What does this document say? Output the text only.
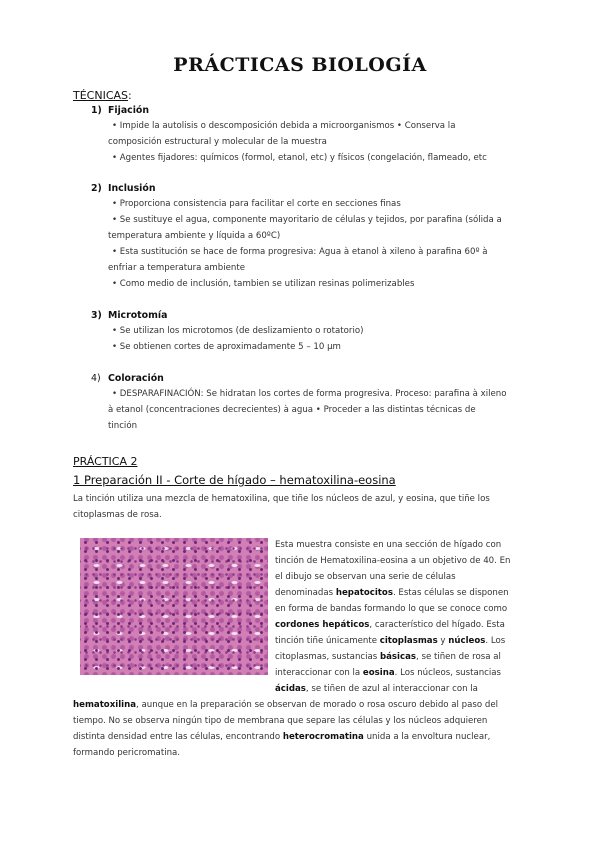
PRÁCTICAS BIOLOGÍA
TÉCNICAS:
1) Fijación
• Impide la autolisis o descomposición debida a microorganismos • Conserva la
composición estructural y molecular de la muestra
• Agentes fijadores: químicos (formol, etanol, etc) y físicos (congelación, flameado, etc
2) Inclusión
• Proporciona consistencia para facilitar el corte en secciones finas
• Se sustituye el agua, componente mayoritario de células y tejidos, por parafina (sólida a
temperatura ambiente y líquida a 60ºC)
• Esta sustitución se hace de forma progresiva: Agua à etanol à xileno à parafina 60º à
enfriar a temperatura ambiente
• Como medio de inclusión, tambien se utilizan resinas polimerizables
3) Microtomía
• Se utilizan los microtomos (de deslizamiento o rotatorio)
• Se obtienen cortes de aproximadamente 5 – 10 μm
4) Coloración
• DESPARAFINACIÓN: Se hidratan los cortes de forma progresiva. Proceso: parafina à xileno
à etanol (concentraciones decrecientes) à agua • Proceder a las distintas técnicas de
tinción
PRÁCTICA 2
1 Preparación II - Corte de hígado – hematoxilina-eosina
La tinción utiliza una mezcla de hematoxilina, que tiñe los núcleos de azul, y eosina, que tiñe los
citoplasmas de rosa.
Esta muestra consiste en una sección de hígado con
tinción de Hematoxilina-eosina a un objetivo de 40. En
el dibujo se observan una serie de células
denominadas hepatocitos. Estas células se disponen
en forma de bandas formando lo que se conoce como
cordones hepáticos, característico del hígado. Esta
tinción tiñe únicamente citoplasmas y núcleos. Los
citoplasmas, sustancias básicas, se tiñen de rosa al
interaccionar con la eosina. Los núcleos, sustancias
ácidas, se tiñen de azul al interaccionar con la
hematoxilina, aunque en la preparación se observan de morado o rosa oscuro debido al paso del
tiempo. No se observa ningún tipo de membrana que separe las células y los núcleos adquieren
distinta densidad entre las células, encontrando heterocromatina unida a la envoltura nuclear,
formando pericromatina.
